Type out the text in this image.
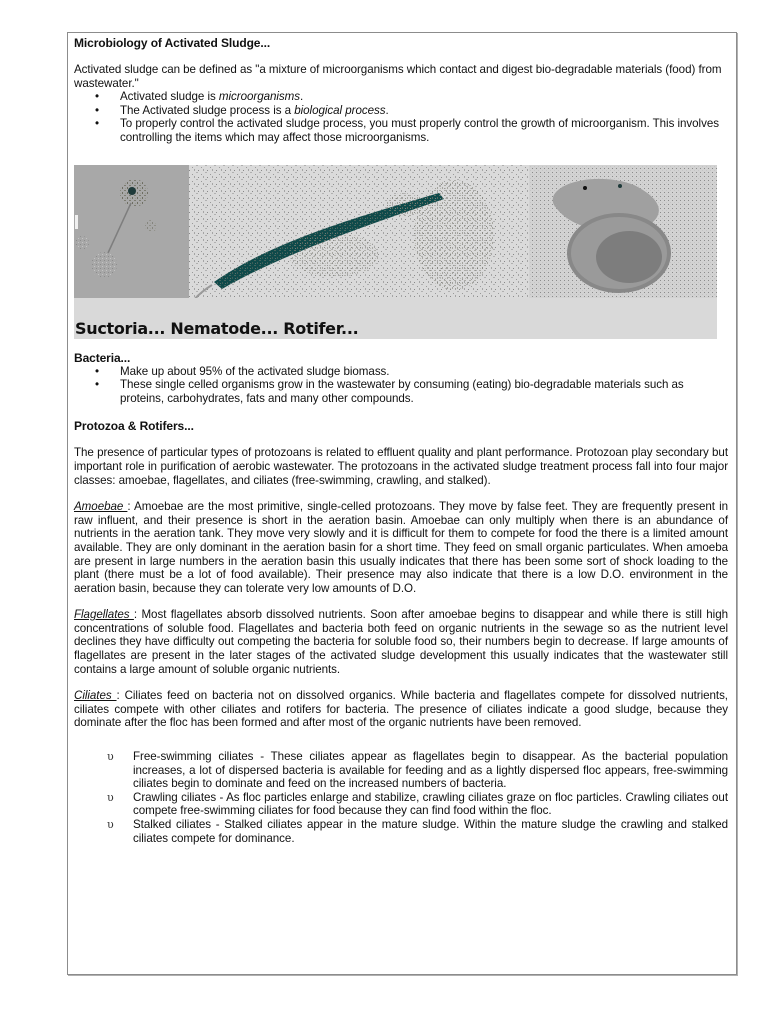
Microbiology of Activated Sludge...

Activated sludge can be defined as "a mixture of microorganisms which contact and digest bio-degradable materials (food) from wastewater."

• Activated sludge is microorganisms.
• The Activated sludge process is a biological process.
• To properly control the activated sludge process, you must properly control the growth of microorganism. This involves controlling the items which may affect those microorganisms.
Suctoria... Nematode... Rotifer...
Bacteria...
• Make up about 95% of the activated sludge biomass.
• These single celled organisms grow in the wastewater by consuming (eating) bio-degradable materials such as proteins, carbohydrates, fats and many other compounds.
Protozoa & Rotifers...

The presence of particular types of protozoans is related to effluent quality and plant performance. Protozoan play secondary but important role in purification of aerobic wastewater. The protozoans in the activated sludge treatment process fall into four major classes: amoebae, flagellates, and ciliates (free-swimming, crawling, and stalked).

Amoebae : Amoebae are the most primitive, single-celled protozoans. They move by false feet. They are frequently present in raw influent, and their presence is short in the aeration basin. Amoebae can only multiply when there is an abundance of nutrients in the aeration tank. They move very slowly and it is difficult for them to compete for food the there is a limited amount available. They are only dominant in the aeration basin for a short time. They feed on small organic particulates. When amoeba are present in large numbers in the aeration basin this usually indicates that there has been some sort of shock loading to the plant (there must be a lot of food available). Their presence may also indicate that there is a low D.O. environment in the aeration basin, because they can tolerate very low amounts of D.O.

Flagellates : Most flagellates absorb dissolved nutrients. Soon after amoebae begins to disappear and while there is still high concentrations of soluble food. Flagellates and bacteria both feed on organic nutrients in the sewage so as the nutrient level declines they have difficulty out competing the bacteria for soluble food so, their numbers begin to decrease. If large amounts of flagellates are present in the later stages of the activated sludge development this usually indicates that the wastewater still contains a large amount of soluble organic nutrients.

Ciliates : Ciliates feed on bacteria not on dissolved organics. While bacteria and flagellates compete for dissolved nutrients, ciliates compete with other ciliates and rotifers for bacteria. The presence of ciliates indicate a good sludge, because they dominate after the floc has been formed and after most of the organic nutrients have been removed.

υ Free-swimming ciliates - These ciliates appear as flagellates begin to disappear. As the bacterial population increases, a lot of dispersed bacteria is available for feeding and as a lightly dispersed floc appears, free-swimming ciliates begin to dominate and feed on the increased numbers of bacteria.
υ Crawling ciliates - As floc particles enlarge and stabilize, crawling ciliates graze on floc particles. Crawling ciliates out compete free-swimming ciliates for food because they can find food within the floc.
υ Stalked ciliates - Stalked ciliates appear in the mature sludge. Within the mature sludge the crawling and stalked ciliates compete for dominance.
